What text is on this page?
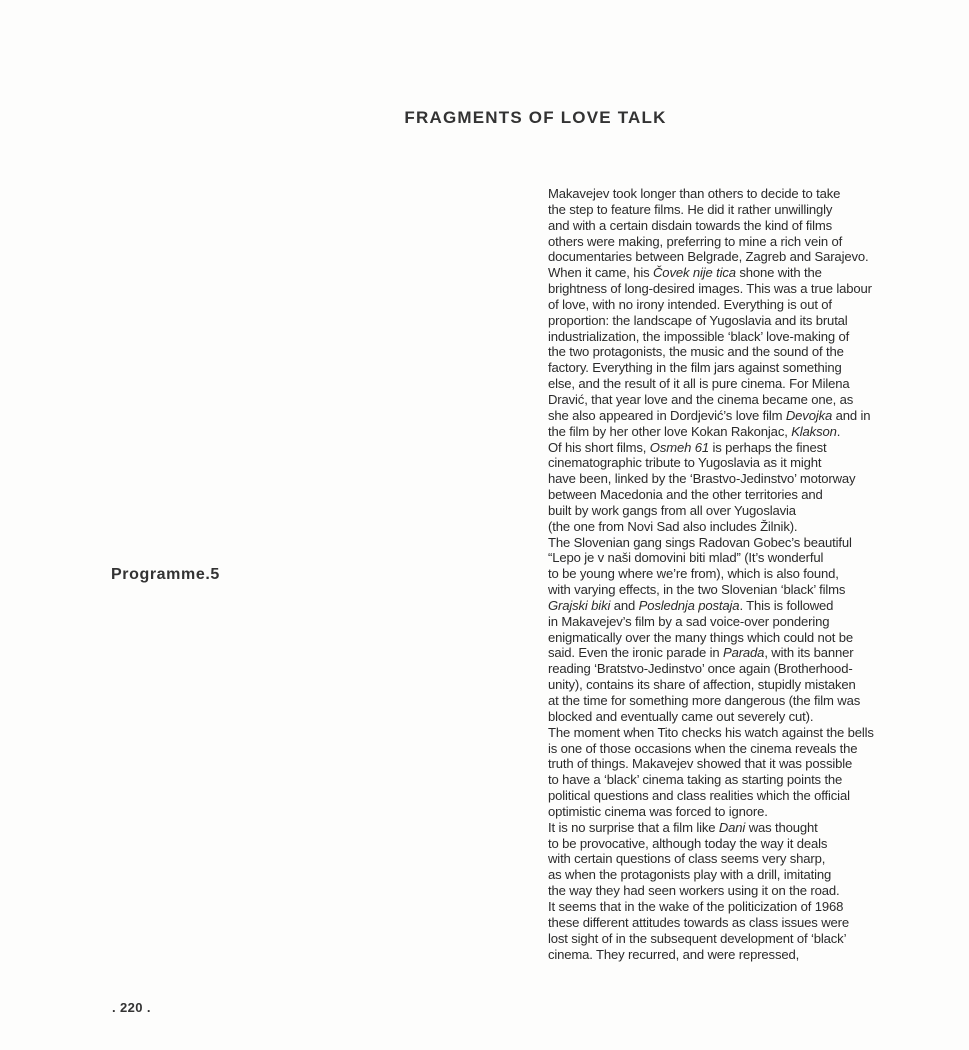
FRAGMENTS OF LOVE TALK
Programme.5
Makavejev took longer than others to decide to take
the step to feature films. He did it rather unwillingly
and with a certain disdain towards the kind of films
others were making, preferring to mine a rich vein of
documentaries between Belgrade, Zagreb and Sarajevo.
When it came, his Čovek nije tica shone with the
brightness of long-desired images. This was a true labour
of love, with no irony intended. Everything is out of
proportion: the landscape of Yugoslavia and its brutal
industrialization, the impossible ‘black’ love-making of
the two protagonists, the music and the sound of the
factory. Everything in the film jars against something
else, and the result of it all is pure cinema. For Milena
Dravić, that year love and the cinema became one, as
she also appeared in Dordjević’s love film Devojka and in
the film by her other love Kokan Rakonjac, Klakson.
Of his short films, Osmeh 61 is perhaps the finest
cinematographic tribute to Yugoslavia as it might
have been, linked by the ‘Brastvo-Jedinstvo’ motorway
between Macedonia and the other territories and
built by work gangs from all over Yugoslavia
(the one from Novi Sad also includes Žilnik).
The Slovenian gang sings Radovan Gobec’s beautiful
“Lepo je v naši domovini biti mlad” (It’s wonderful
to be young where we’re from), which is also found,
with varying effects, in the two Slovenian ‘black’ films
Grajski biki and Poslednja postaja. This is followed
in Makavejev’s film by a sad voice-over pondering
enigmatically over the many things which could not be
said. Even the ironic parade in Parada, with its banner
reading ‘Bratstvo-Jedinstvo’ once again (Brotherhood-
unity), contains its share of affection, stupidly mistaken
at the time for something more dangerous (the film was
blocked and eventually came out severely cut).
The moment when Tito checks his watch against the bells
is one of those occasions when the cinema reveals the
truth of things. Makavejev showed that it was possible
to have a ‘black’ cinema taking as starting points the
political questions and class realities which the official
optimistic cinema was forced to ignore.
It is no surprise that a film like Dani was thought
to be provocative, although today the way it deals
with certain questions of class seems very sharp,
as when the protagonists play with a drill, imitating
the way they had seen workers using it on the road.
It seems that in the wake of the politicization of 1968
these different attitudes towards as class issues were
lost sight of in the subsequent development of ‘black’
cinema. They recurred, and were repressed,
. 220 .
